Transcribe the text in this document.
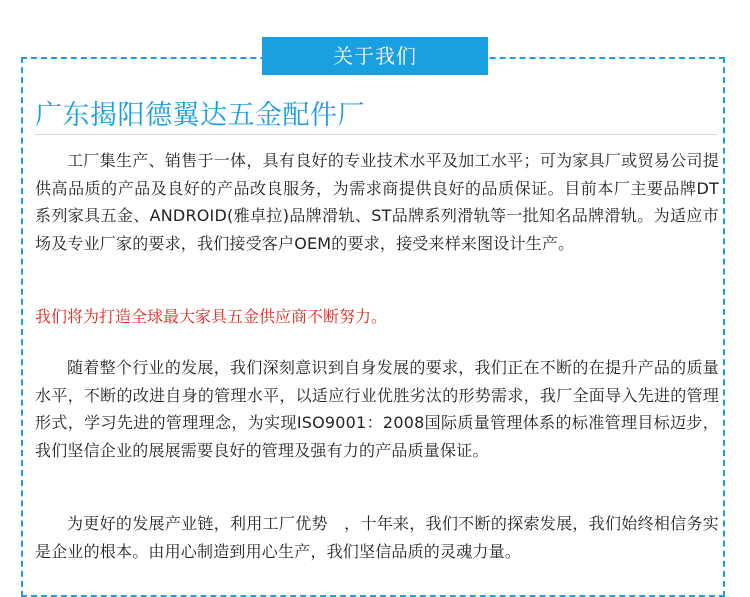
关于我们
广东揭阳德翼达五金配件厂

工厂集生产、销售于一体，具有良好的专业技术水平及加工水平；可为家具厂或贸易公司提供高品质的产品及良好的产品改良服务，为需求商提供良好的品质保证。目前本厂主要品牌DT系列家具五金、ANDROID(雅卓拉)品牌滑轨、ST品牌系列滑轨等一批知名品牌滑轨。为适应市场及专业厂家的要求，我们接受客户OEM的要求，接受来样来图设计生产。

我们将为打造全球最大家具五金供应商不断努力。

随着整个行业的发展，我们深刻意识到自身发展的要求，我们正在不断的在提升产品的质量水平，不断的改进自身的管理水平，以适应行业优胜劣汰的形势需求，我厂全面导入先进的管理形式，学习先进的管理理念，为实现ISO9001：2008国际质量管理体系的标准管理目标迈步，我们坚信企业的展展需要良好的管理及强有力的产品质量保证。

为更好的发展产业链，利用工厂优势　，十年来，我们不断的探索发展，我们始终相信务实是企业的根本。由用心制造到用心生产，我们坚信品质的灵魂力量。
